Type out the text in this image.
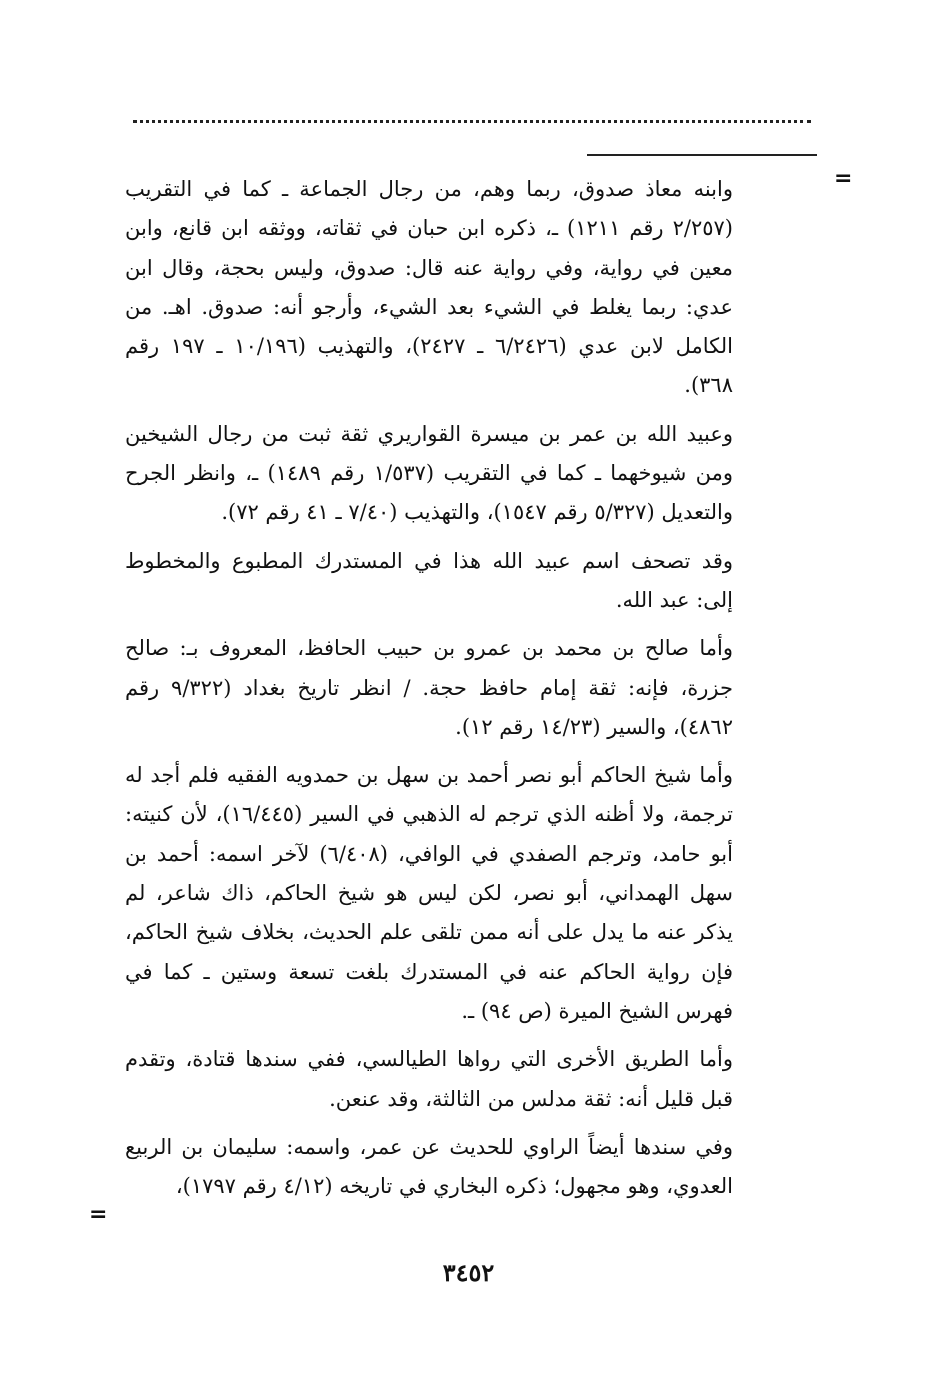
=

وابنه معاذ صدوق، ربما وهم، من رجال الجماعة ـ كما في التقريب (٢/٢٥٧ رقم ١٢١١) ـ، ذكره ابن حبان في ثقاته، ووثقه ابن قانع، وابن معين في رواية، وفي رواية عنه قال: صدوق، وليس بحجة، وقال ابن عدي: ربما يغلط في الشيء بعد الشيء، وأرجو أنه: صدوق. اهـ. من الكامل لابن عدي (٦/٢٤٢٦ ـ ٢٤٢٧)، والتهذيب (١٠/١٩٦ ـ ١٩٧ رقم ٣٦٨).

وعبيد الله بن عمر بن ميسرة القواريري ثقة ثبت من رجال الشيخين ومن شيوخهما ـ كما في التقريب (١/٥٣٧ رقم ١٤٨٩) ـ، وانظر الجرح والتعديل (٥/٣٢٧ رقم ١٥٤٧)، والتهذيب (٧/٤٠ ـ ٤١ رقم ٧٢).

وقد تصحف اسم عبيد الله هذا في المستدرك المطبوع والمخطوط إلى: عبد الله.

وأما صالح بن محمد بن عمرو بن حبيب الحافظ، المعروف بـ: صالح جزرة، فإنه: ثقة إمام حافظ حجة. / انظر تاريخ بغداد (٩/٣٢٢ رقم ٤٨٦٢)، والسير (١٤/٢٣ رقم ١٢).

وأما شيخ الحاكم أبو نصر أحمد بن سهل بن حمدويه الفقيه فلم أجد له ترجمة، ولا أظنه الذي ترجم له الذهبي في السير (١٦/٤٤٥)، لأن كنيته: أبو حامد، وترجم الصفدي في الوافي، (٦/٤٠٨) لآخر اسمه: أحمد بن سهل الهمداني، أبو نصر، لكن ليس هو شيخ الحاكم، ذاك شاعر، لم يذكر عنه ما يدل على أنه ممن تلقى علم الحديث، بخلاف شيخ الحاكم، فإن رواية الحاكم عنه في المستدرك بلغت تسعة وستين ـ كما في فهرس الشيخ الميرة (ص ٩٤) ـ.

وأما الطريق الأخرى التي رواها الطيالسي، ففي سندها قتادة، وتقدم قبل قليل أنه: ثقة مدلس من الثالثة، وقد عنعن.

وفي سندها أيضاً الراوي للحديث عن عمر، واسمه: سليمان بن الربيع العدوي، وهو مجهول؛ ذكره البخاري في تاريخه (٤/١٢ رقم ١٧٩٧)،

=
٣٤٥٢
